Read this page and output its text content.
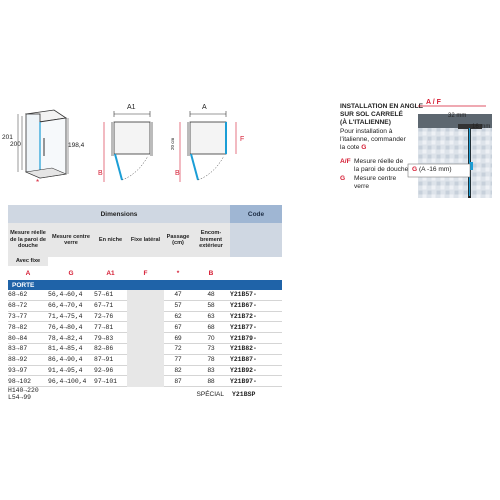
201
200	198,4
*
A1
B
A
B
F
20 cm
INSTALLATION EN ANGLE
SUR SOL CARRELÉ
(À L'ITALIENNE)
Pour installation à
l'italienne, commander
la cote G
A/F Mesure réelle de
la paroi de douche
G Mesure centre
verre
A / F
32 mm
16 mm
G (A -16 mm)
Dimensions						Code
Mesure réelle
de la paroi de
douche	Mesure centre
verre	En niche	Fixe latéral	Passage
(cm)	Encom-
brement
extérieur	
Avec fixe						
A	G	A1	F	*	B	
PORTE						
68→62	56,4→60,4	57→61		47	48	Y21B57-
68→72	66,4→70,4	67→71		57	58	Y21B67-
73→77	71,4→75,4	72→76		62	63	Y21B72-
78→82	76,4→80,4	77→81		67	68	Y21B77-
80→84	78,4→82,4	79→83		69	70	Y21B79-
83→87	81,4→85,4	82→86		72	73	Y21B82-
88→92	86,4→90,4	87→91		77	78	Y21B87-
93→97	91,4→95,4	92→96		82	83	Y21B92-
98→102	96,4→100,4	97→101		87	88	Y21B97-
H140→220
L54→99		SPÉCIAL				Y21BSP
